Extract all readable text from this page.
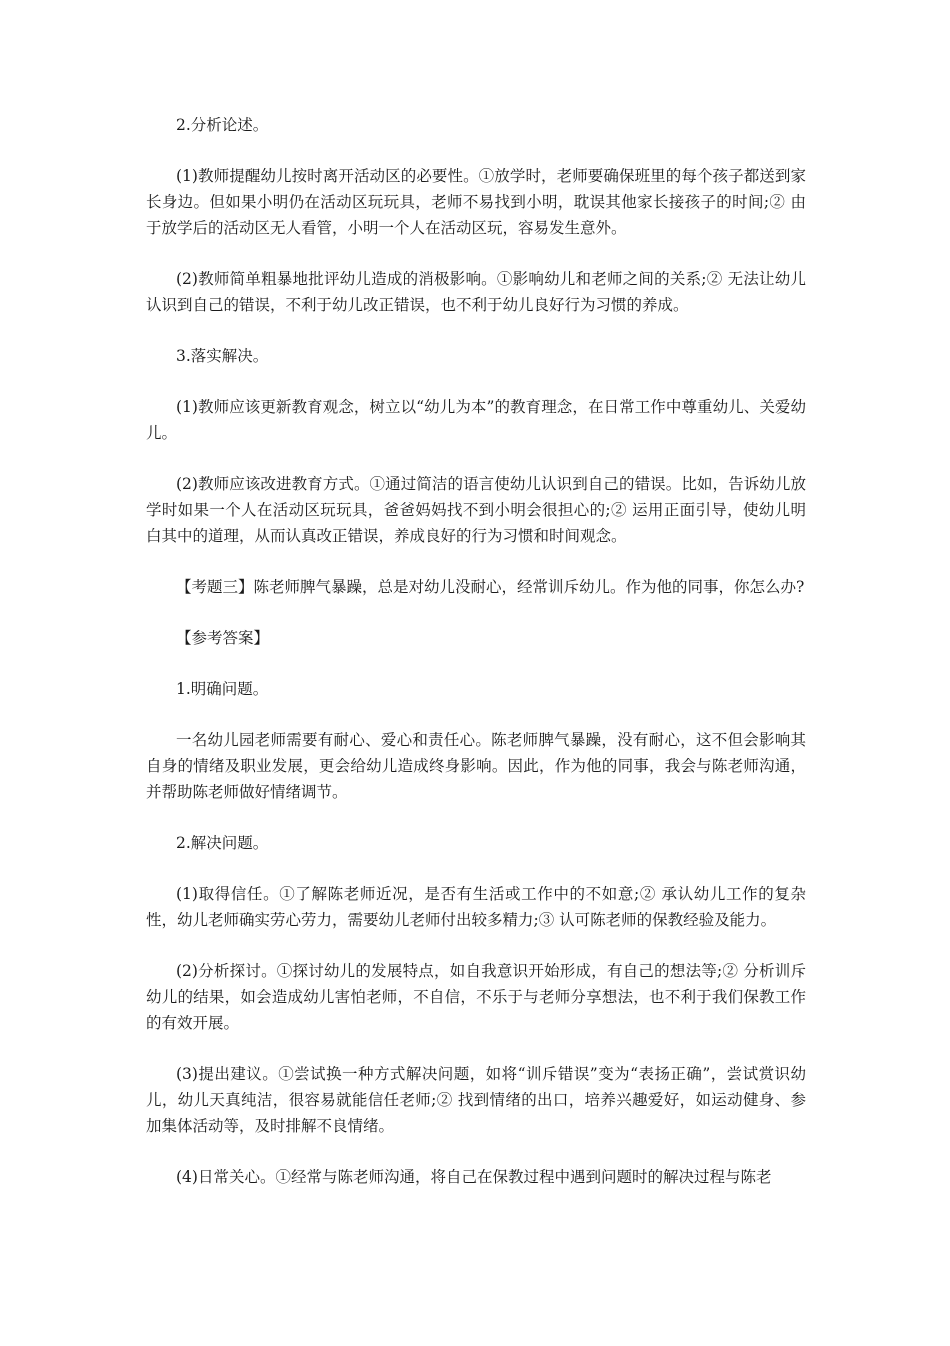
2.分析论述。

(1)教师提醒幼儿按时离开活动区的必要性。①放学时，老师要确保班里的每个孩子都送到家长身边。但如果小明仍在活动区玩玩具，老师不易找到小明，耽误其他家长接孩子的时间;② 由于放学后的活动区无人看管，小明一个人在活动区玩，容易发生意外。

(2)教师简单粗暴地批评幼儿造成的消极影响。①影响幼儿和老师之间的关系;② 无法让幼儿认识到自己的错误，不利于幼儿改正错误，也不利于幼儿良好行为习惯的养成。

3.落实解决。

(1)教师应该更新教育观念，树立以“幼儿为本”的教育理念，在日常工作中尊重幼儿、关爱幼儿。

(2)教师应该改进教育方式。①通过简洁的语言使幼儿认识到自己的错误。比如，告诉幼儿放学时如果一个人在活动区玩玩具，爸爸妈妈找不到小明会很担心的;② 运用正面引导，使幼儿明白其中的道理，从而认真改正错误，养成良好的行为习惯和时间观念。

【考题三】陈老师脾气暴躁，总是对幼儿没耐心，经常训斥幼儿。作为他的同事，你怎么办?

【参考答案】

1.明确问题。

一名幼儿园老师需要有耐心、爱心和责任心。陈老师脾气暴躁，没有耐心，这不但会影响其自身的情绪及职业发展，更会给幼儿造成终身影响。因此，作为他的同事，我会与陈老师沟通，并帮助陈老师做好情绪调节。

2.解决问题。

(1)取得信任。①了解陈老师近况，是否有生活或工作中的不如意;② 承认幼儿工作的复杂性，幼儿老师确实劳心劳力，需要幼儿老师付出较多精力;③ 认可陈老师的保教经验及能力。

(2)分析探讨。①探讨幼儿的发展特点，如自我意识开始形成，有自己的想法等;② 分析训斥幼儿的结果，如会造成幼儿害怕老师，不自信，不乐于与老师分享想法，也不利于我们保教工作的有效开展。

(3)提出建议。①尝试换一种方式解决问题，如将“训斥错误”变为“表扬正确”，尝试赏识幼儿，幼儿天真纯洁，很容易就能信任老师;② 找到情绪的出口，培养兴趣爱好，如运动健身、参加集体活动等，及时排解不良情绪。

(4)日常关心。①经常与陈老师沟通，将自己在保教过程中遇到问题时的解决过程与陈老
